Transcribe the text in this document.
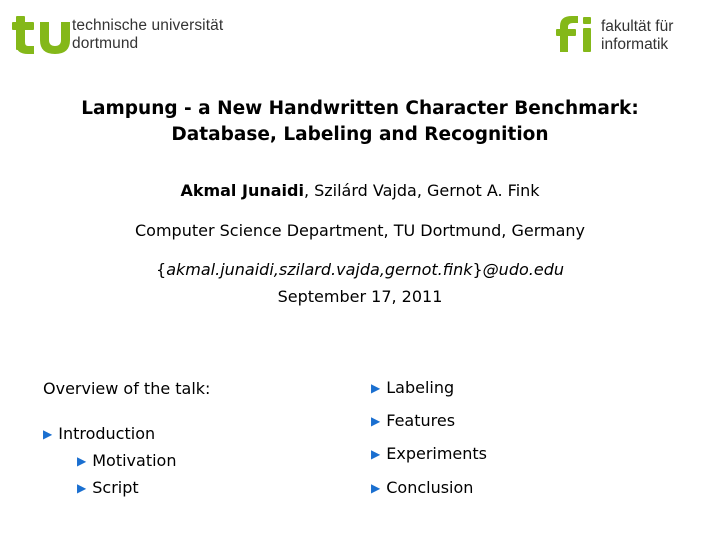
technische universität
dortmund
fakultät für
informatik
Lampung - a New Handwritten Character Benchmark:
Database, Labeling and Recognition
Akmal Junaidi, Szilárd Vajda, Gernot A. Fink
Computer Science Department, TU Dortmund, Germany
{akmal.junaidi,szilard.vajda,gernot.fink}@udo.edu
September 17, 2011
Overview of the talk:
▶ Introduction
▶ Motivation
▶ Script
▶ Labeling
▶ Features
▶ Experiments
▶ Conclusion
